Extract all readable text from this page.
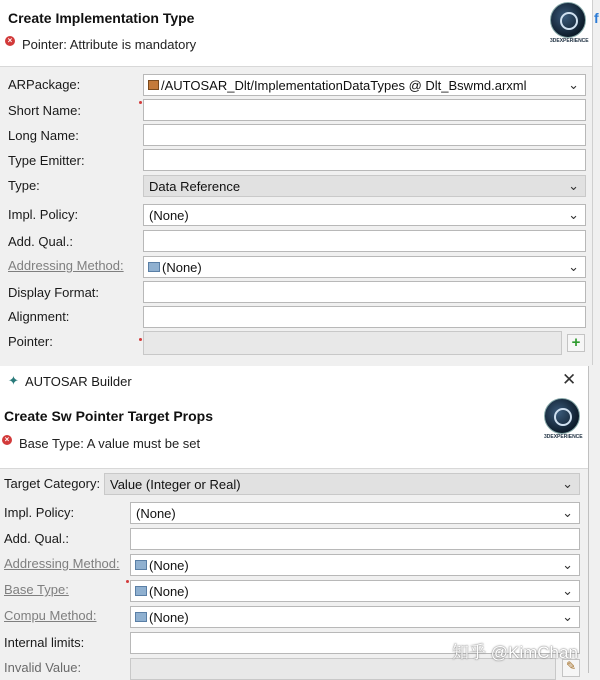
Create Implementation Type
× Pointer: Attribute is mandatory	3DEXPERIENCE
f
ARPackage:	/AUTOSAR_Dlt/ImplementationDataTypes @ Dlt_Bswmd.arxml	⌄
Short Name:
Long Name:
Type Emitter:
Type:	Data Reference	⌄
Impl. Policy:	(None)	⌄
Add. Qual.:
Addressing Method:	(None)	⌄
Display Format:
Alignment:
Pointer:	+
✦ AUTOSAR Builder	✕
Create Sw Pointer Target Props
× Base Type: A value must be set	3DEXPERIENCE
Target Category: Value (Integer or Real)	⌄
Impl. Policy:	(None)	⌄
Add. Qual.:
Addressing Method:	(None)	⌄
Base Type:	(None)	⌄
Compu Method:	(None)	⌄
Internal limits:
Invalid Value:	✎
知乎 @KimChan
